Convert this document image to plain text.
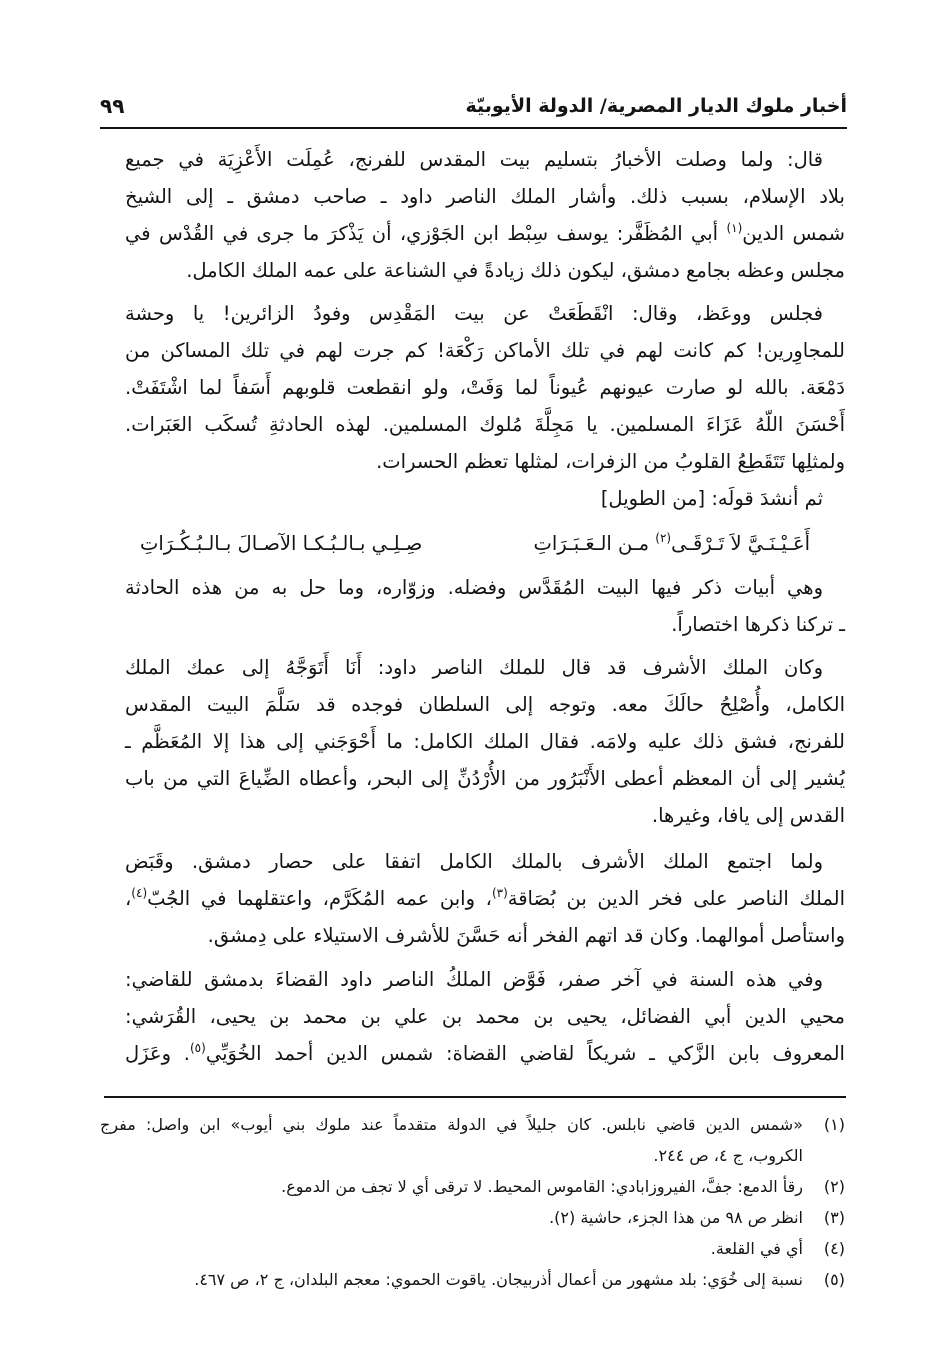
أخبار ملوك الديار المصرية/ الدولة الأيوبيّة
٩٩
قال: ولما وصلت الأخبارُ بتسليم بيت المقدس للفرنج، عُمِلَت الأَعْزِيَة في جميع
بلاد الإسلام، بسبب ذلك. وأشار الملك الناصر داود ـ صاحب دمشق ـ إلى الشيخ
شمس الدين$^{(١)}$ أبي المُظَفَّر: يوسف سِبْط ابن الجَوْزي، أن يَذْكرَ ما جرى في القُدْس في
مجلس وعظه بجامع دمشق، ليكون ذلك زيادةً في الشناعة على عمه الملك الكامل.
فجلس ووعَظ، وقال: انْقَطَعَتْ عن بيت المَقْدِس وفودُ الزائرين! يا وحشة
للمجاوِرين! كم كانت لهم في تلك الأماكن رَكْعَة! كم جرت لهم في تلك المساكن من
دَمْعَة. بالله لو صارت عيونهم عُيوناً لما وَفَتْ، ولو انقطعت قلوبهم أَسَفاً لما اشْتَفَتْ.
أَحْسَنَ اللّهُ عَزَاءَ المسلمين. يا مَجِلَّةَ مُلوك المسلمين. لهذه الحادثةِ تُسكَب العَبَرات.
ولمثلِها تَتَقَطِعُ القلوبُ من الزفرات، لمثلها تعظم الحسرات.
ثم أنشدَ قولَه: [من الطويل]
أَعَـيْـنَـيَّ لاَ تَـرْقَـى$^{(٢)}$ مـن الـعَـبَـرَاتِ
صِـلِـي بـالـبُـكـا الآصـالَ بـالـبُـكُـرَاتِ
وهي أبيات ذكر فيها البيت المُقَدَّس وفضله. وزوّاره، وما حل به من هذه الحادثة
ـ تركنا ذكرها اختصاراً.
وكان الملك الأشرف قد قال للملك الناصر داود: أَنَا أَتَوَجَّهُ إلى عمك الملك
الكامل، وأُصْلِحُ حالَكَ معه. وتوجه إلى السلطان فوجده قد سَلَّمَ البيت المقدس
للفرنج، فشق ذلك عليه ولامَه. فقال الملك الكامل: ما أَحْوَجَني إلى هذا إلا المُعَظَّم ـ
يُشير إلى أن المعظم أعطى الأَنْبَرُور من الأُرْدُنِّ إلى البحر، وأعطاه الضِّياعَ التي من باب
القدس إلى يافا، وغيرها.
ولما اجتمع الملك الأشرف بالملك الكامل اتفقا على حصار دمشق. وقَبَض
الملك الناصر على فخر الدين بن بُصَاقة$^{(٣)}$، وابن عمه المُكَرَّم، واعتقلهما في الجُبّ$^{(٤)}$،
واستأصل أموالهما. وكان قد اتهم الفخر أنه حَسَّنَ للأشرف الاستيلاء على دِمشق.
وفي هذه السنة في آخر صفر، فَوَّض الملكُ الناصر داود القضاءَ بدمشق للقاضي:
محيي الدين أبي الفضائل، يحيى بن محمد بن علي بن محمد بن يحيى، القُرَشي:
المعروف بابن الزَّكي ـ شريكاً لقاضي القضاة: شمس الدين أحمد الخُوَيِّي$^{(٥)}$. وعَزَل
(١)
«شمس الدين قاضي نابلس. كان جليلاً في الدولة متقدماً عند ملوك بني أيوب» ابن واصل: مفرج
الكروب، ج ٤، ص ٢٤٤.
(٢)
رقأ الدمع: جفَّ، الفيروزابادي: القاموس المحيط. لا ترقى أي لا تجف من الدموع.
(٣)
انظر ص ٩٨ من هذا الجزء، حاشية (٢).
(٤)
أي في القلعة.
(٥)
نسبة إلى خُوَي: بلد مشهور من أعمال أذربيجان. ياقوت الحموي: معجم البلدان، ج ٢، ص ٤٦٧.
